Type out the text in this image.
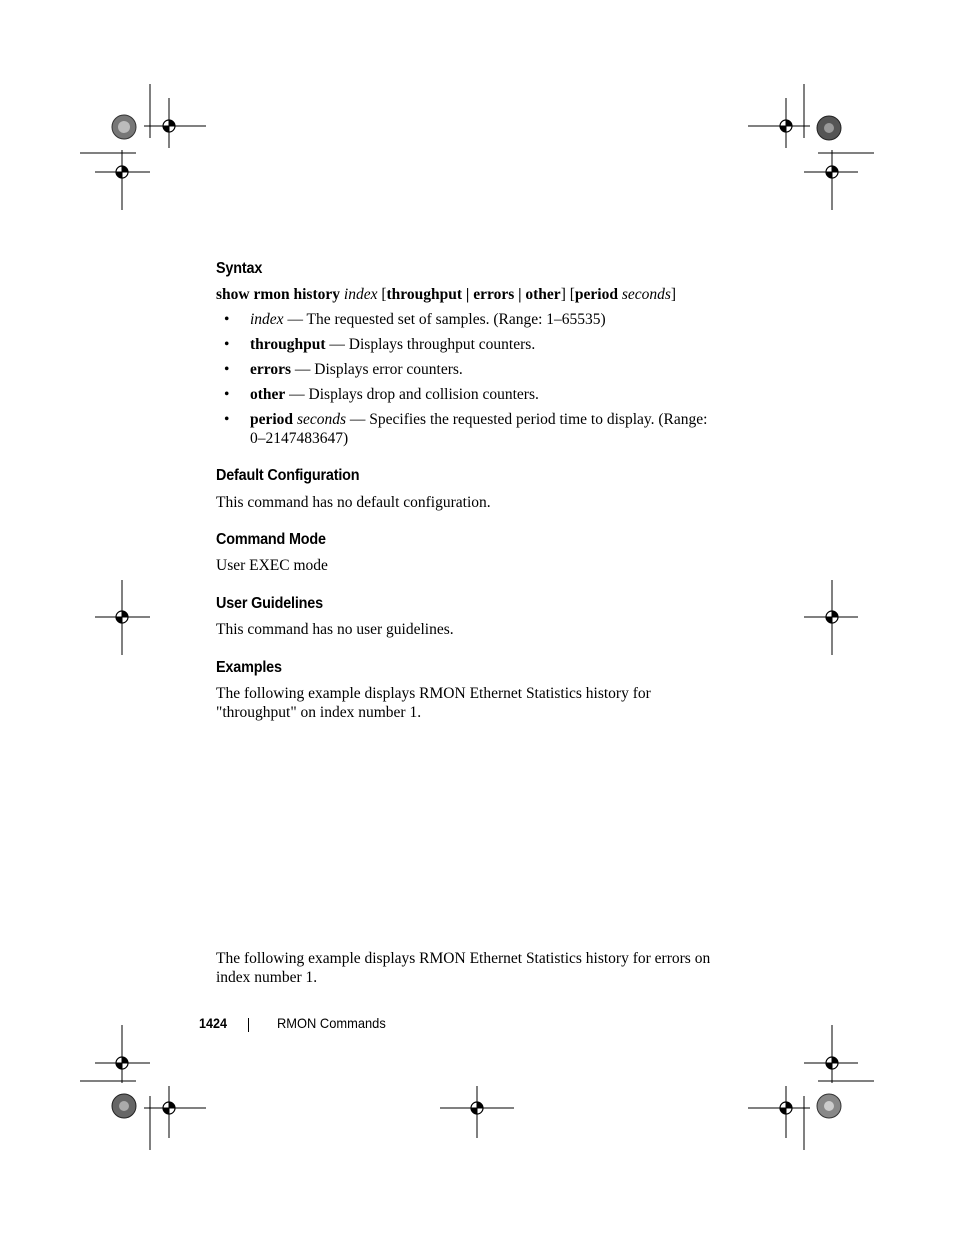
Syntax
show rmon history index [throughput | errors | other] [period seconds]
• index — The requested set of samples. (Range: 1–65535)
• throughput — Displays throughput counters.
• errors — Displays error counters.
• other — Displays drop and collision counters.
• period seconds — Specifies the requested period time to display. (Range: 0–2147483647)
Default Configuration
This command has no default configuration.
Command Mode
User EXEC mode
User Guidelines
This command has no user guidelines.
Examples
The following example displays RMON Ethernet Statistics history for "throughput" on index number 1.
The following example displays RMON Ethernet Statistics history for errors on index number 1.
1424	RMON Commands
